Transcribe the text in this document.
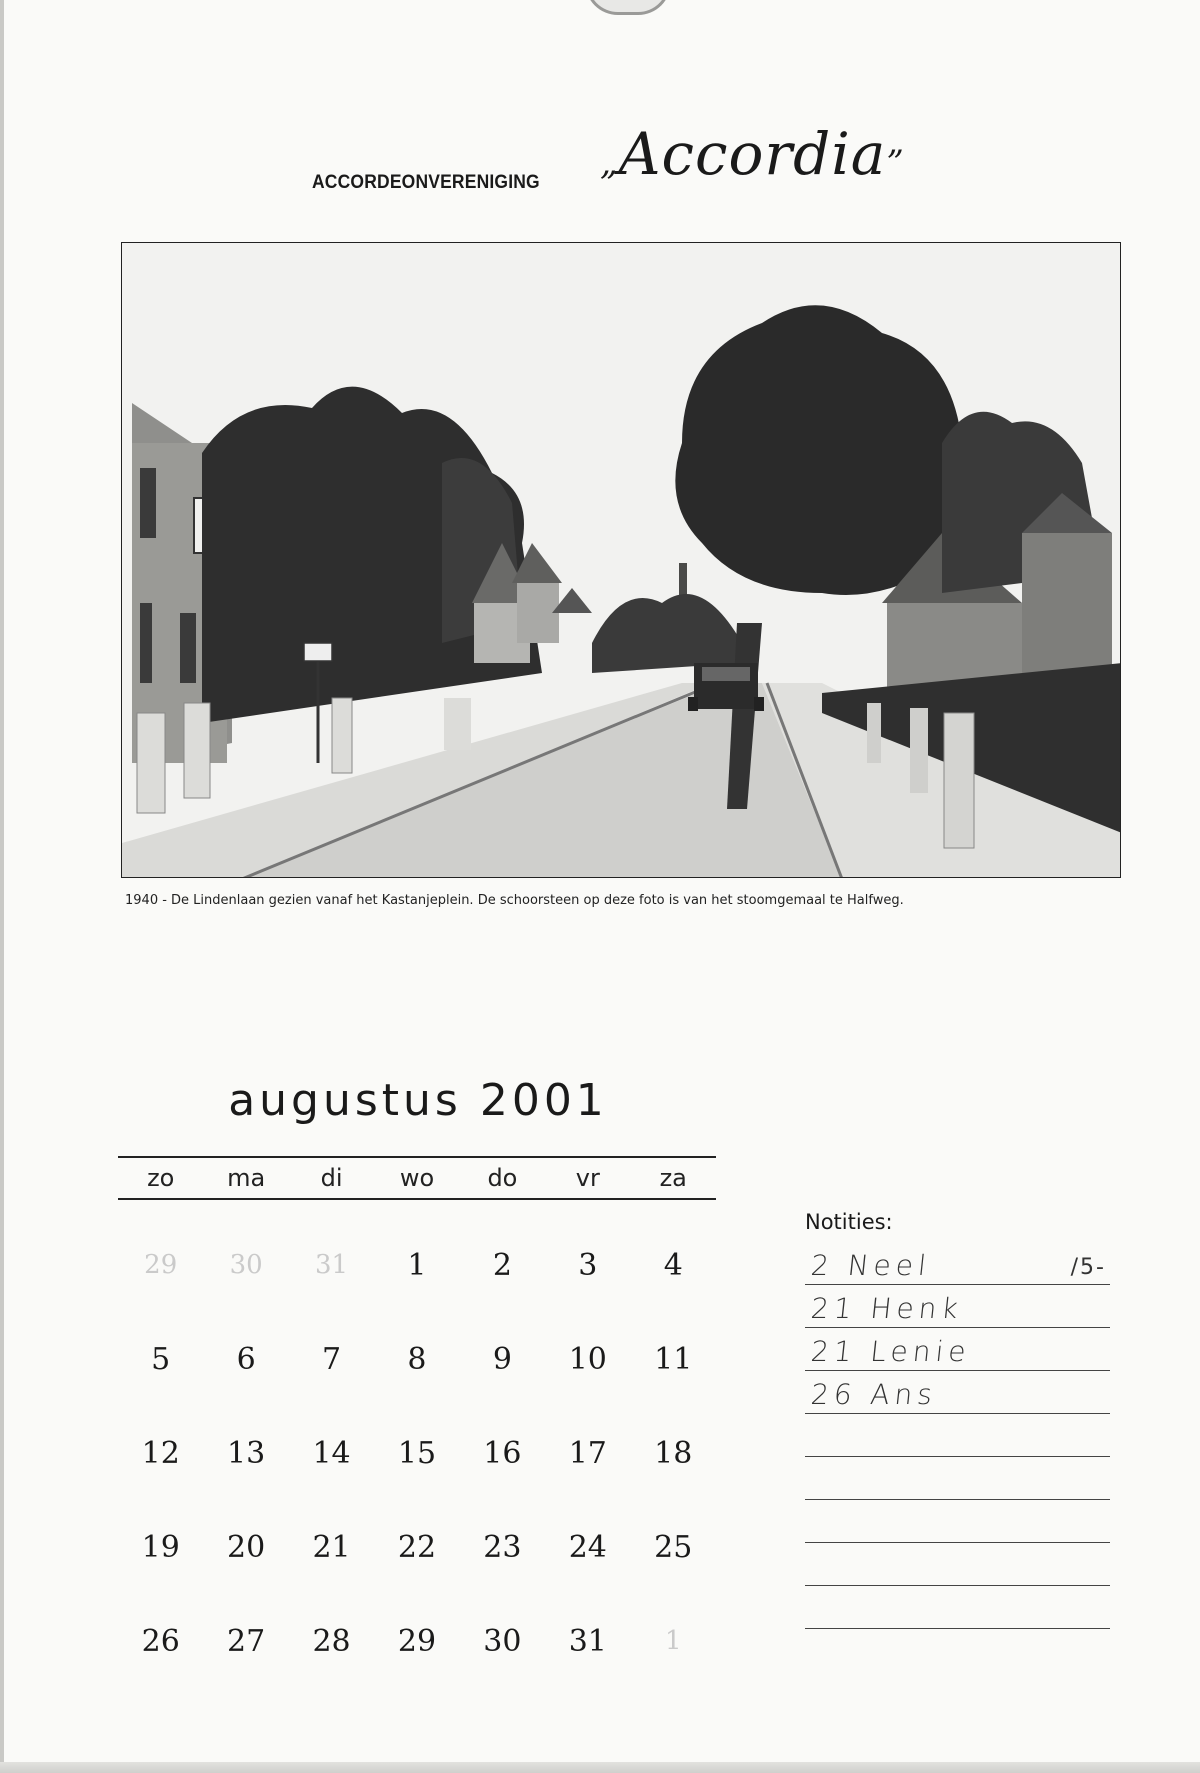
ACCORDEONVERENIGING „Accordia”
1940 - De Lindenlaan gezien vanaf het Kastanjeplein. De schoorsteen op deze foto is van het stoomgemaal te Halfweg.
augustus 2001
zo	ma	di	wo	do	vr	za
29	30	31	1	2	3	4
5	6	7	8	9	10	11
12	13	14	15	16	17	18
19	20	21	22	23	24	25
26	27	28	29	30	31	1
Notities:
2 Neel	/5-
21 Henk
21 Lenie
26 Ans
